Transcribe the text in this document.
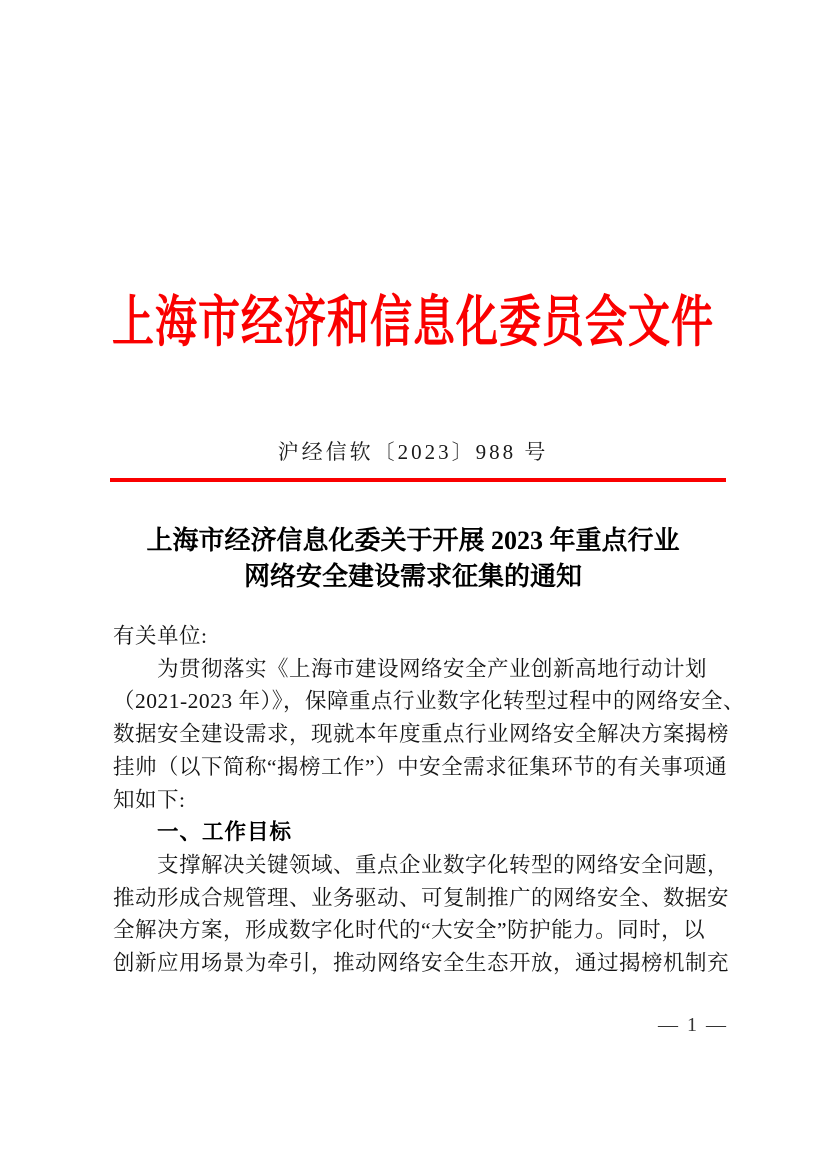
上海市经济和信息化委员会文件
沪经信软〔2023〕988 号
上海市经济信息化委关于开展 2023 年重点行业
网络安全建设需求征集的通知
有关单位:
为贯彻落实《上海市建设网络安全产业创新高地行动计划
（2021-2023 年）》，保障重点行业数字化转型过程中的网络安全、
数据安全建设需求，现就本年度重点行业网络安全解决方案揭榜
挂帅（以下简称“揭榜工作”）中安全需求征集环节的有关事项通
知如下:
一、工作目标
支撑解决关键领域、重点企业数字化转型的网络安全问题，
推动形成合规管理、业务驱动、可复制推广的网络安全、数据安
全解决方案，形成数字化时代的“大安全”防护能力。同时，以
创新应用场景为牵引，推动网络安全生态开放，通过揭榜机制充
— 1 —
